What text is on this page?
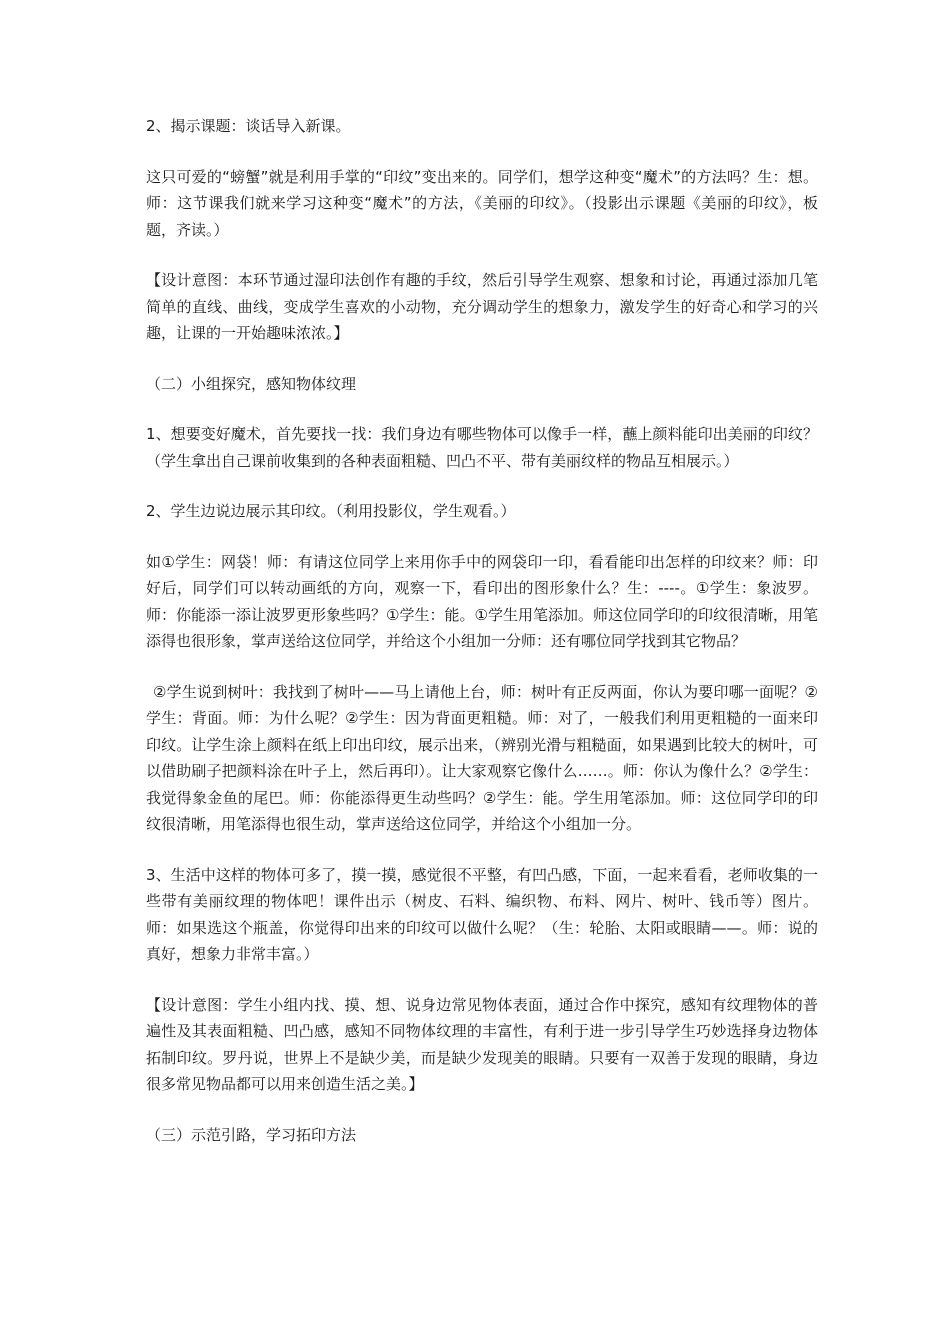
2、揭示课题：谈话导入新课。

这只可爱的“螃蟹”就是利用手掌的“印纹”变出来的。同学们，想学这种变“魔术”的方法吗？生：想。师：这节课我们就来学习这种变“魔术”的方法，《美丽的印纹》。（投影出示课题《美丽的印纹》，板题，齐读。）

【设计意图：本环节通过湿印法创作有趣的手纹，然后引导学生观察、想象和讨论，再通过添加几笔简单的直线、曲线，变成学生喜欢的小动物，充分调动学生的想象力，激发学生的好奇心和学习的兴趣，让课的一开始趣味浓浓。】

（二）小组探究，感知物体纹理

1、想要变好魔术，首先要找一找：我们身边有哪些物体可以像手一样，蘸上颜料能印出美丽的印纹？（学生拿出自己课前收集到的各种表面粗糙、凹凸不平、带有美丽纹样的物品互相展示。）

2、学生边说边展示其印纹。（利用投影仪，学生观看。）

如①学生：网袋！师：有请这位同学上来用你手中的网袋印一印，看看能印出怎样的印纹来？师：印好后，同学们可以转动画纸的方向，观察一下，看印出的图形象什么？生：----。①学生：象波罗。师：你能添一添让波罗更形象些吗？①学生：能。①学生用笔添加。师这位同学印的印纹很清晰，用笔添得也很形象，掌声送给这位同学，并给这个小组加一分师：还有哪位同学找到其它物品？

②学生说到树叶：我找到了树叶——马上请他上台，师：树叶有正反两面，你认为要印哪一面呢？②学生：背面。师：为什么呢？②学生：因为背面更粗糙。师：对了，一般我们利用更粗糙的一面来印印纹。让学生涂上颜料在纸上印出印纹，展示出来，（辨别光滑与粗糙面，如果遇到比较大的树叶，可以借助刷子把颜料涂在叶子上，然后再印）。让大家观察它像什么……。师：你认为像什么？②学生：我觉得象金鱼的尾巴。师：你能添得更生动些吗？②学生：能。学生用笔添加。师：这位同学印的印纹很清晰，用笔添得也很生动，掌声送给这位同学，并给这个小组加一分。

3、生活中这样的物体可多了，摸一摸，感觉很不平整，有凹凸感，下面，一起来看看，老师收集的一些带有美丽纹理的物体吧！课件出示（树皮、石料、编织物、布料、网片、树叶、钱币等）图片。师：如果选这个瓶盖，你觉得印出来的印纹可以做什么呢？（生：轮胎、太阳或眼睛——。师：说的真好，想象力非常丰富。）

【设计意图：学生小组内找、摸、想、说身边常见物体表面，通过合作中探究，感知有纹理物体的普遍性及其表面粗糙、凹凸感，感知不同物体纹理的丰富性，有利于进一步引导学生巧妙选择身边物体拓制印纹。罗丹说，世界上不是缺少美，而是缺少发现美的眼睛。只要有一双善于发现的眼睛，身边很多常见物品都可以用来创造生活之美。】

（三）示范引路，学习拓印方法
